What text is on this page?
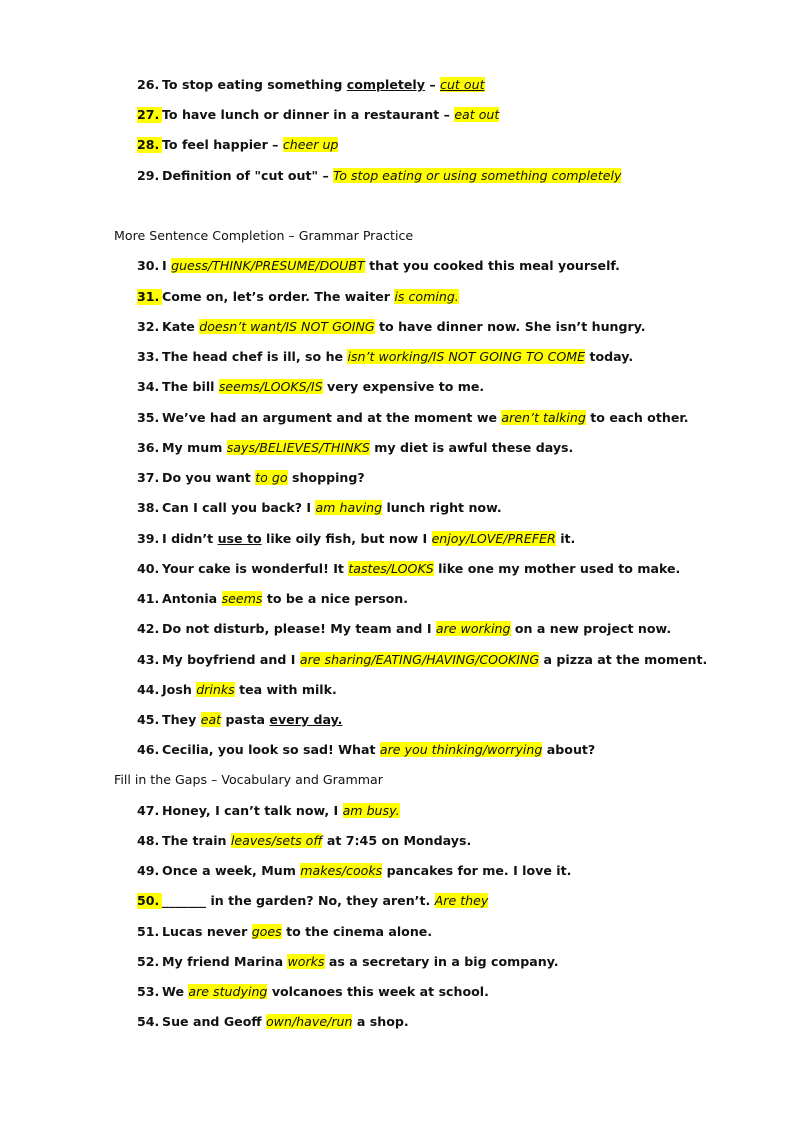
26. To stop eating something completely – cut out
27. To have lunch or dinner in a restaurant – eat out
28. To feel happier – cheer up
29. Definition of "cut out" – To stop eating or using something completely
More Sentence Completion – Grammar Practice
30. I guess/THINK/PRESUME/DOUBT that you cooked this meal yourself.
31. Come on, let’s order. The waiter is coming.
32. Kate doesn’t want/IS NOT GOING to have dinner now. She isn’t hungry.
33. The head chef is ill, so he isn’t working/IS NOT GOING TO COME today.
34. The bill seems/LOOKS/IS very expensive to me.
35. We’ve had an argument and at the moment we aren’t talking to each other.
36. My mum says/BELIEVES/THINKS my diet is awful these days.
37. Do you want to go shopping?
38. Can I call you back? I am having lunch right now.
39. I didn’t use to like oily fish, but now I enjoy/LOVE/PREFER it.
40. Your cake is wonderful! It tastes/LOOKS like one my mother used to make.
41. Antonia seems to be a nice person.
42. Do not disturb, please! My team and I are working on a new project now.
43. My boyfriend and I are sharing/EATING/HAVING/COOKING a pizza at the moment.
44. Josh drinks tea with milk.
45. They eat pasta every day.
46. Cecilia, you look so sad! What are you thinking/worrying about?
Fill in the Gaps – Vocabulary and Grammar
47. Honey, I can’t talk now, I am busy.
48. The train leaves/sets off at 7:45 on Mondays.
49. Once a week, Mum makes/cooks pancakes for me. I love it.
50. _______ in the garden? No, they aren’t. Are they
51. Lucas never goes to the cinema alone.
52. My friend Marina works as a secretary in a big company.
53. We are studying volcanoes this week at school.
54. Sue and Geoff own/have/run a shop.
